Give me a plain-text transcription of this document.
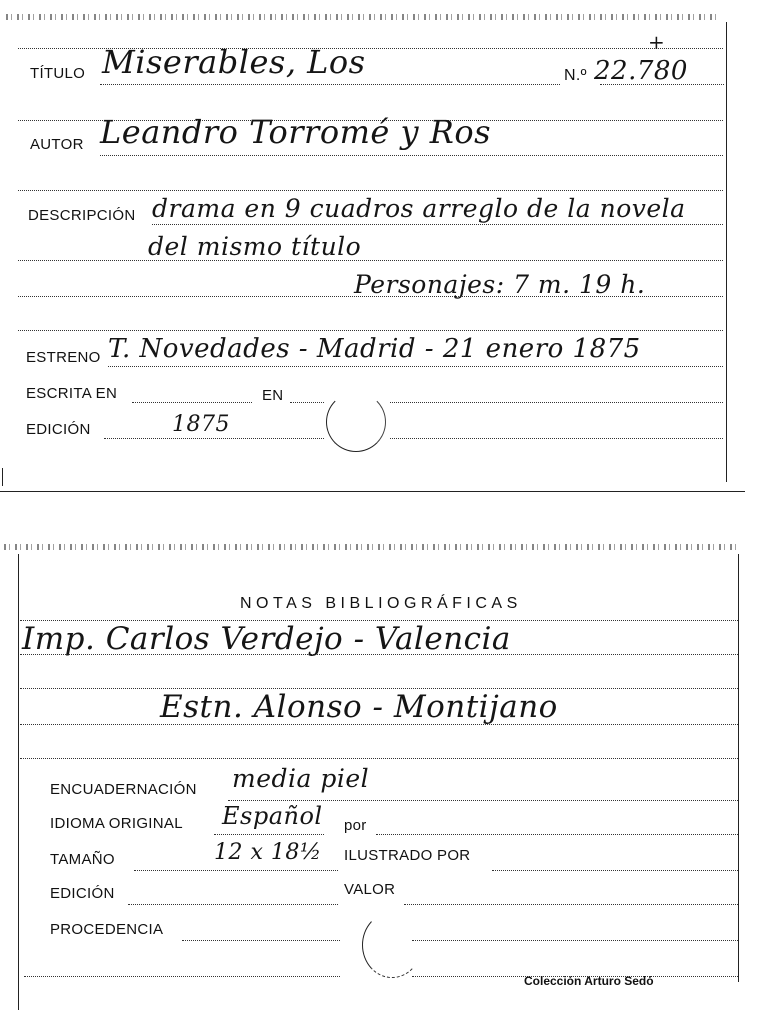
TÍTULO Miserables, Los	N.º 22.780
+
AUTOR Leandro Torromé y Ros
DESCRIPCIÓN drama en 9 cuadros arreglo de la novela
del mismo título
Personajes: 7 m. 19 h.
ESTRENO T. Novedades - Madrid - 21 enero 1875
ESCRITA EN	EN
EDICIÓN	1875
NOTAS BIBLIOGRÁFICAS
Imp. Carlos Verdejo - Valencia
Estn. Alonso - Montijano
ENCUADERNACIÓN media piel
IDIOMA ORIGINAL Español por
TAMAÑO	12 x 18½ ILUSTRADO POR
EDICIÓN	VALOR
PROCEDENCIA
Colección Arturo Sedó
